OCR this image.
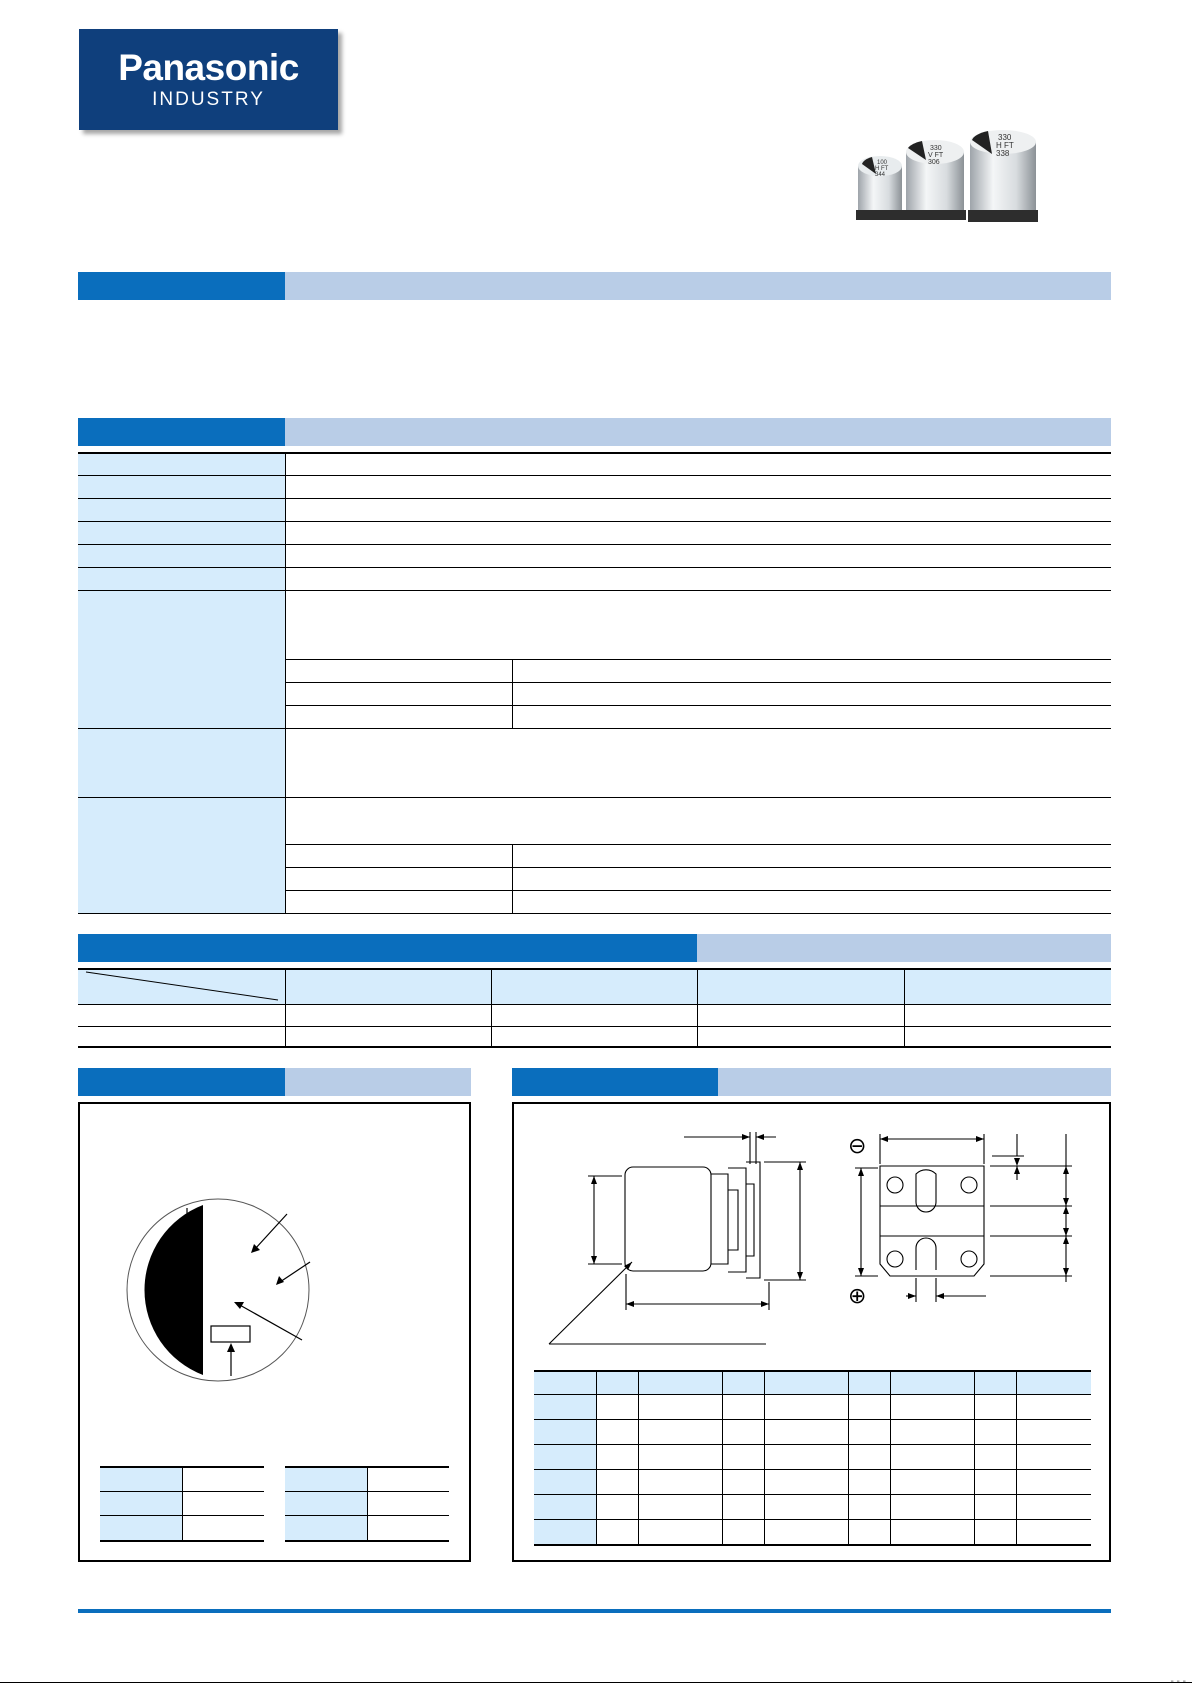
Panasonic
INDUSTRY
100
H FT
344
330
V FT
306
330
H FT
338
⊖
⊕
- - -
